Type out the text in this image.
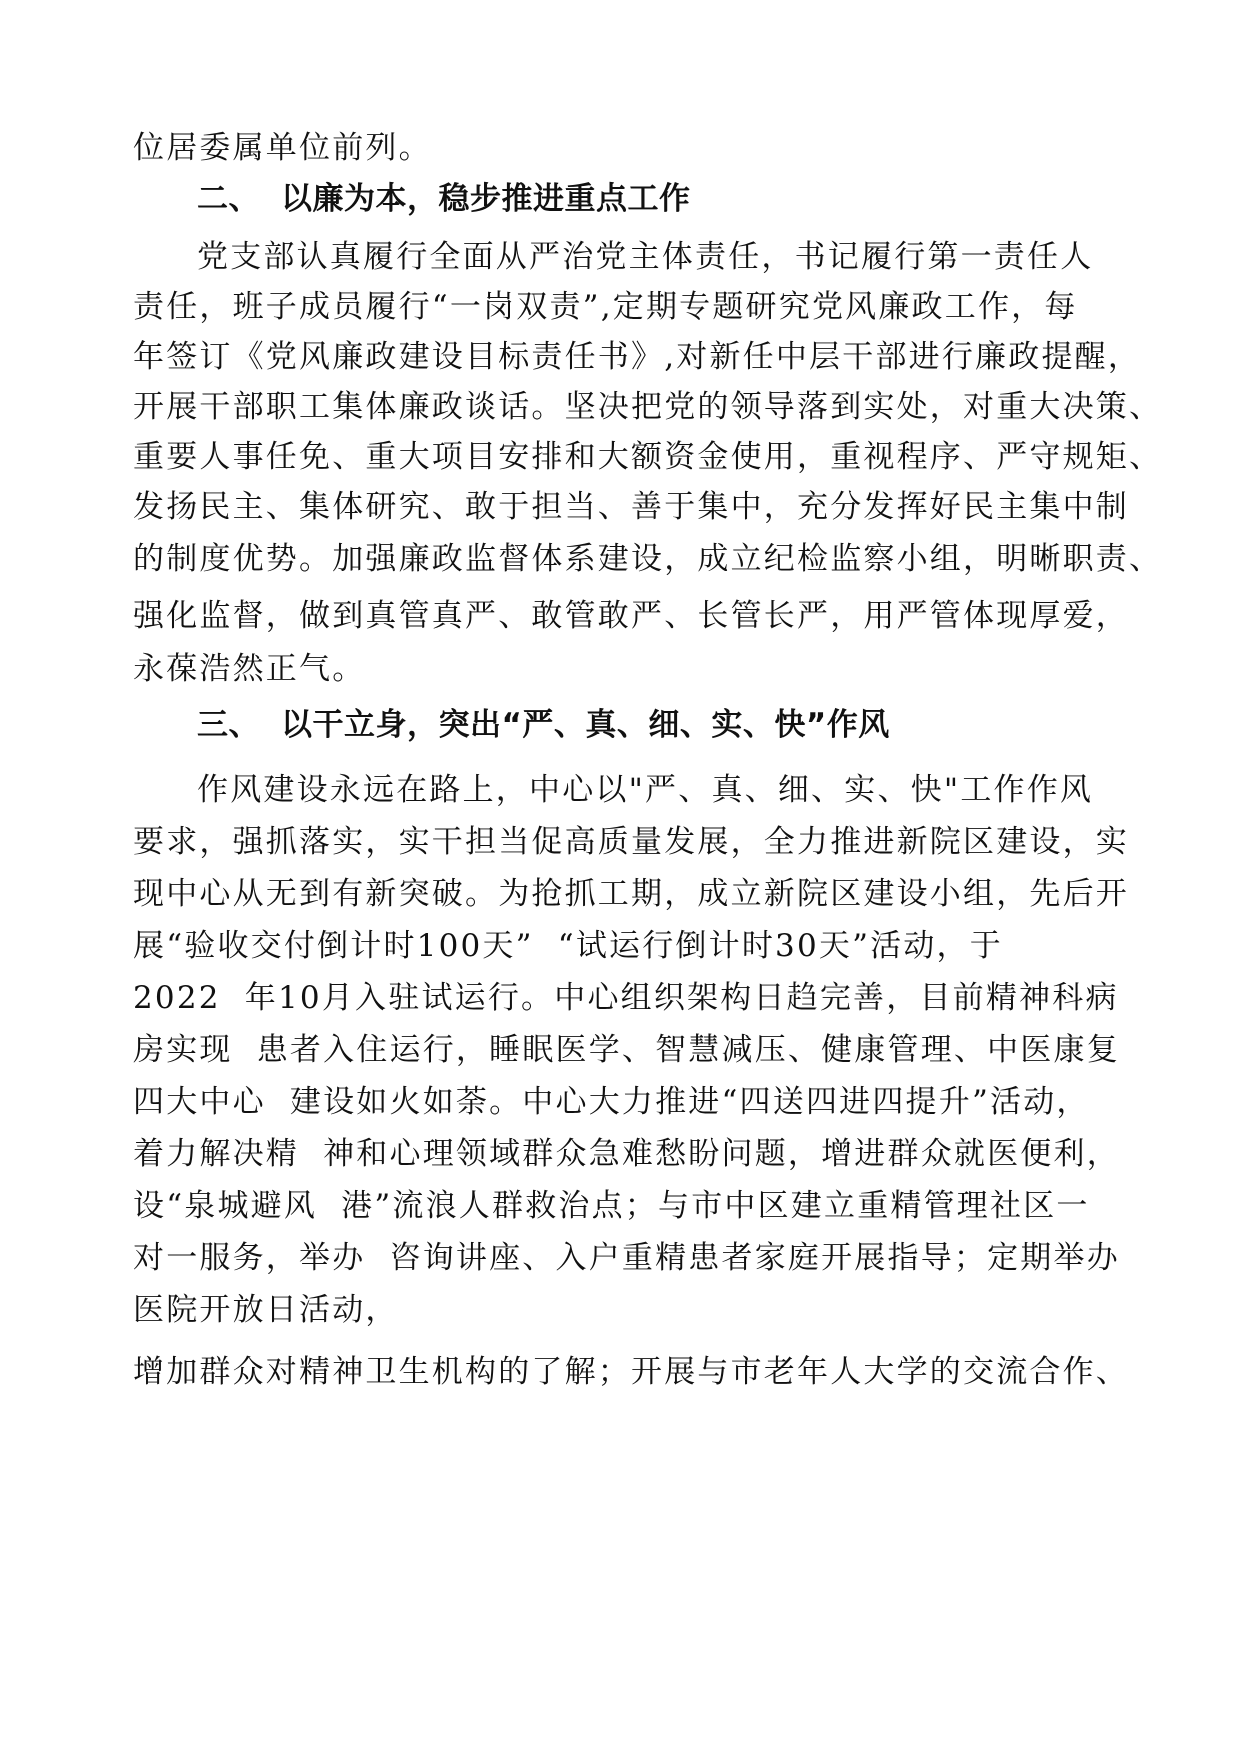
位居委属单位前列。
二、 以廉为本，稳步推进重点工作
党支部认真履行全面从严治党主体责任，书记履行第一责任人
责任，班子成员履行“一岗双责”,定期专题研究党风廉政工作，每
年签订《党风廉政建设目标责任书》,对新任中层干部进行廉政提醒，
开展干部职工集体廉政谈话。坚决把党的领导落到实处，对重大决策、
重要人事任免、重大项目安排和大额资金使用，重视程序、严守规矩、
发扬民主、集体研究、敢于担当、善于集中，充分发挥好民主集中制
的制度优势。加强廉政监督体系建设，成立纪检监察小组，明晰职责、
强化监督，做到真管真严、敢管敢严、长管长严，用严管体现厚爱，
永葆浩然正气。
三、 以干立身，突出“严、真、细、实、快”作风
作风建设永远在路上，中心以"严、真、细、实、快"工作作风
要求，强抓落实，实干担当促高质量发展，全力推进新院区建设，实
现中心从无到有新突破。为抢抓工期，成立新院区建设小组，先后开
展“验收交付倒计时100天”  “试运行倒计时30天”活动，于
2022  年10月入驻试运行。中心组织架构日趋完善，目前精神科病
房实现  患者入住运行，睡眠医学、智慧减压、健康管理、中医康复
四大中心  建设如火如荼。中心大力推进“四送四进四提升”活动，
着力解决精  神和心理领域群众急难愁盼问题，增进群众就医便利，
设“泉城避风  港”流浪人群救治点；与市中区建立重精管理社区一
对一服务，举办  咨询讲座、入户重精患者家庭开展指导；定期举办
医院开放日活动，
增加群众对精神卫生机构的了解；开展与市老年人大学的交流合作、
